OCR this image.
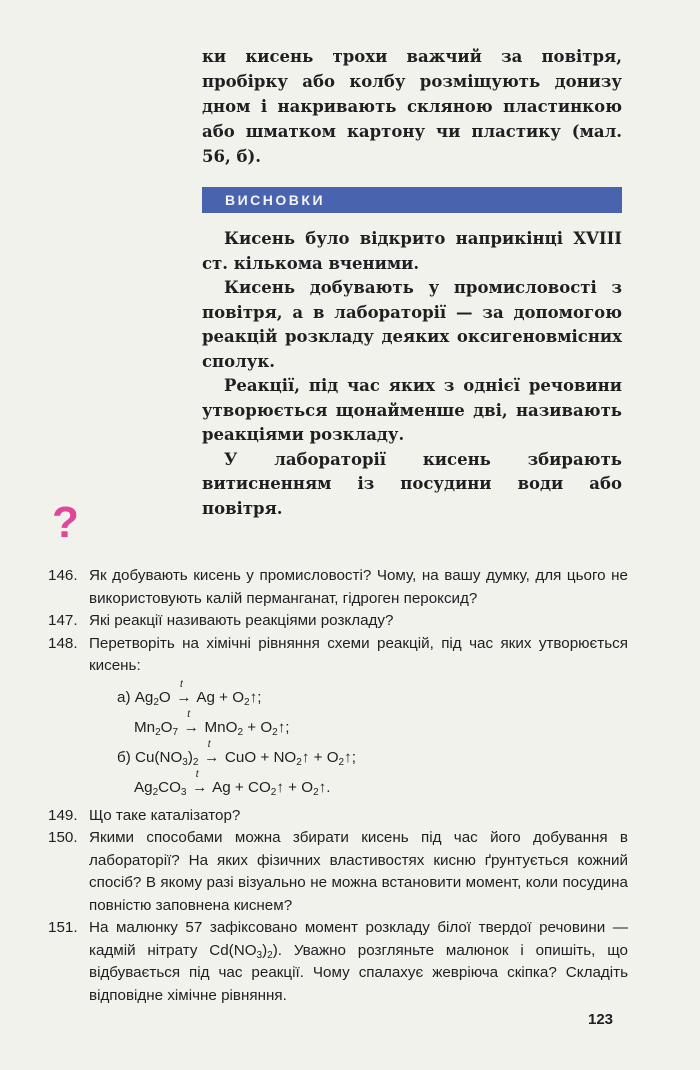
ки кисень трохи важчий за повітря, пробірку або колбу розміщують донизу дном і накривають скляною пластинкою або шматком картону чи пластику (мал. 56, б).
ВИСНОВКИ

Кисень було відкрито наприкінці XVIII ст. кількома вченими.

Кисень добувають у промисловості з повітря, а в лабораторії — за допомогою реакцій розкладу деяких оксигеновмісних сполук.

Реакції, під час яких з однієї речовини утворюється щонайменше дві, називають реакціями розкладу.

У лабораторії кисень збирають витисненням із посудини води або повітря.

?
146. Як добувають кисень у промисловості? Чому, на вашу думку, для цього не використовують калій перманганат, гідроген пероксид?
147. Які реакції називають реакціями розкладу?
148. Перетворіть на хімічні рівняння схеми реакцій, під час яких утворюється кисень:
а) $Ag_2O$
t
→ $Ag + O_2↑$;
$Mn_2O_7$
t
→ $MnO_2 + O_2↑$;
б) $Cu(NO_3)_2$
t
→ CuO + $NO_2↑$ + $O_2↑$;
$Ag_2CO_3$
t
→ $Ag + CO_2↑$ + $O_2↑$.
149. Що таке каталізатор?
150. Якими способами можна збирати кисень під час його добування в лабораторії? На яких фізичних властивостях кисню ґрунтується кожний спосіб? В якому разі візуально не можна встановити момент, коли посудина повністю заповнена киснем?
151. На малюнку 57 зафіксовано момент розкладу білої твердої речовини — кадмій нітрату $Cd(NO_3)_2$). Уважно розгляньте малюнок і опишіть, що відбувається під час реакції. Чому спалахує жевріюча скіпка? Складіть відповідне хімічне рівняння.
123
